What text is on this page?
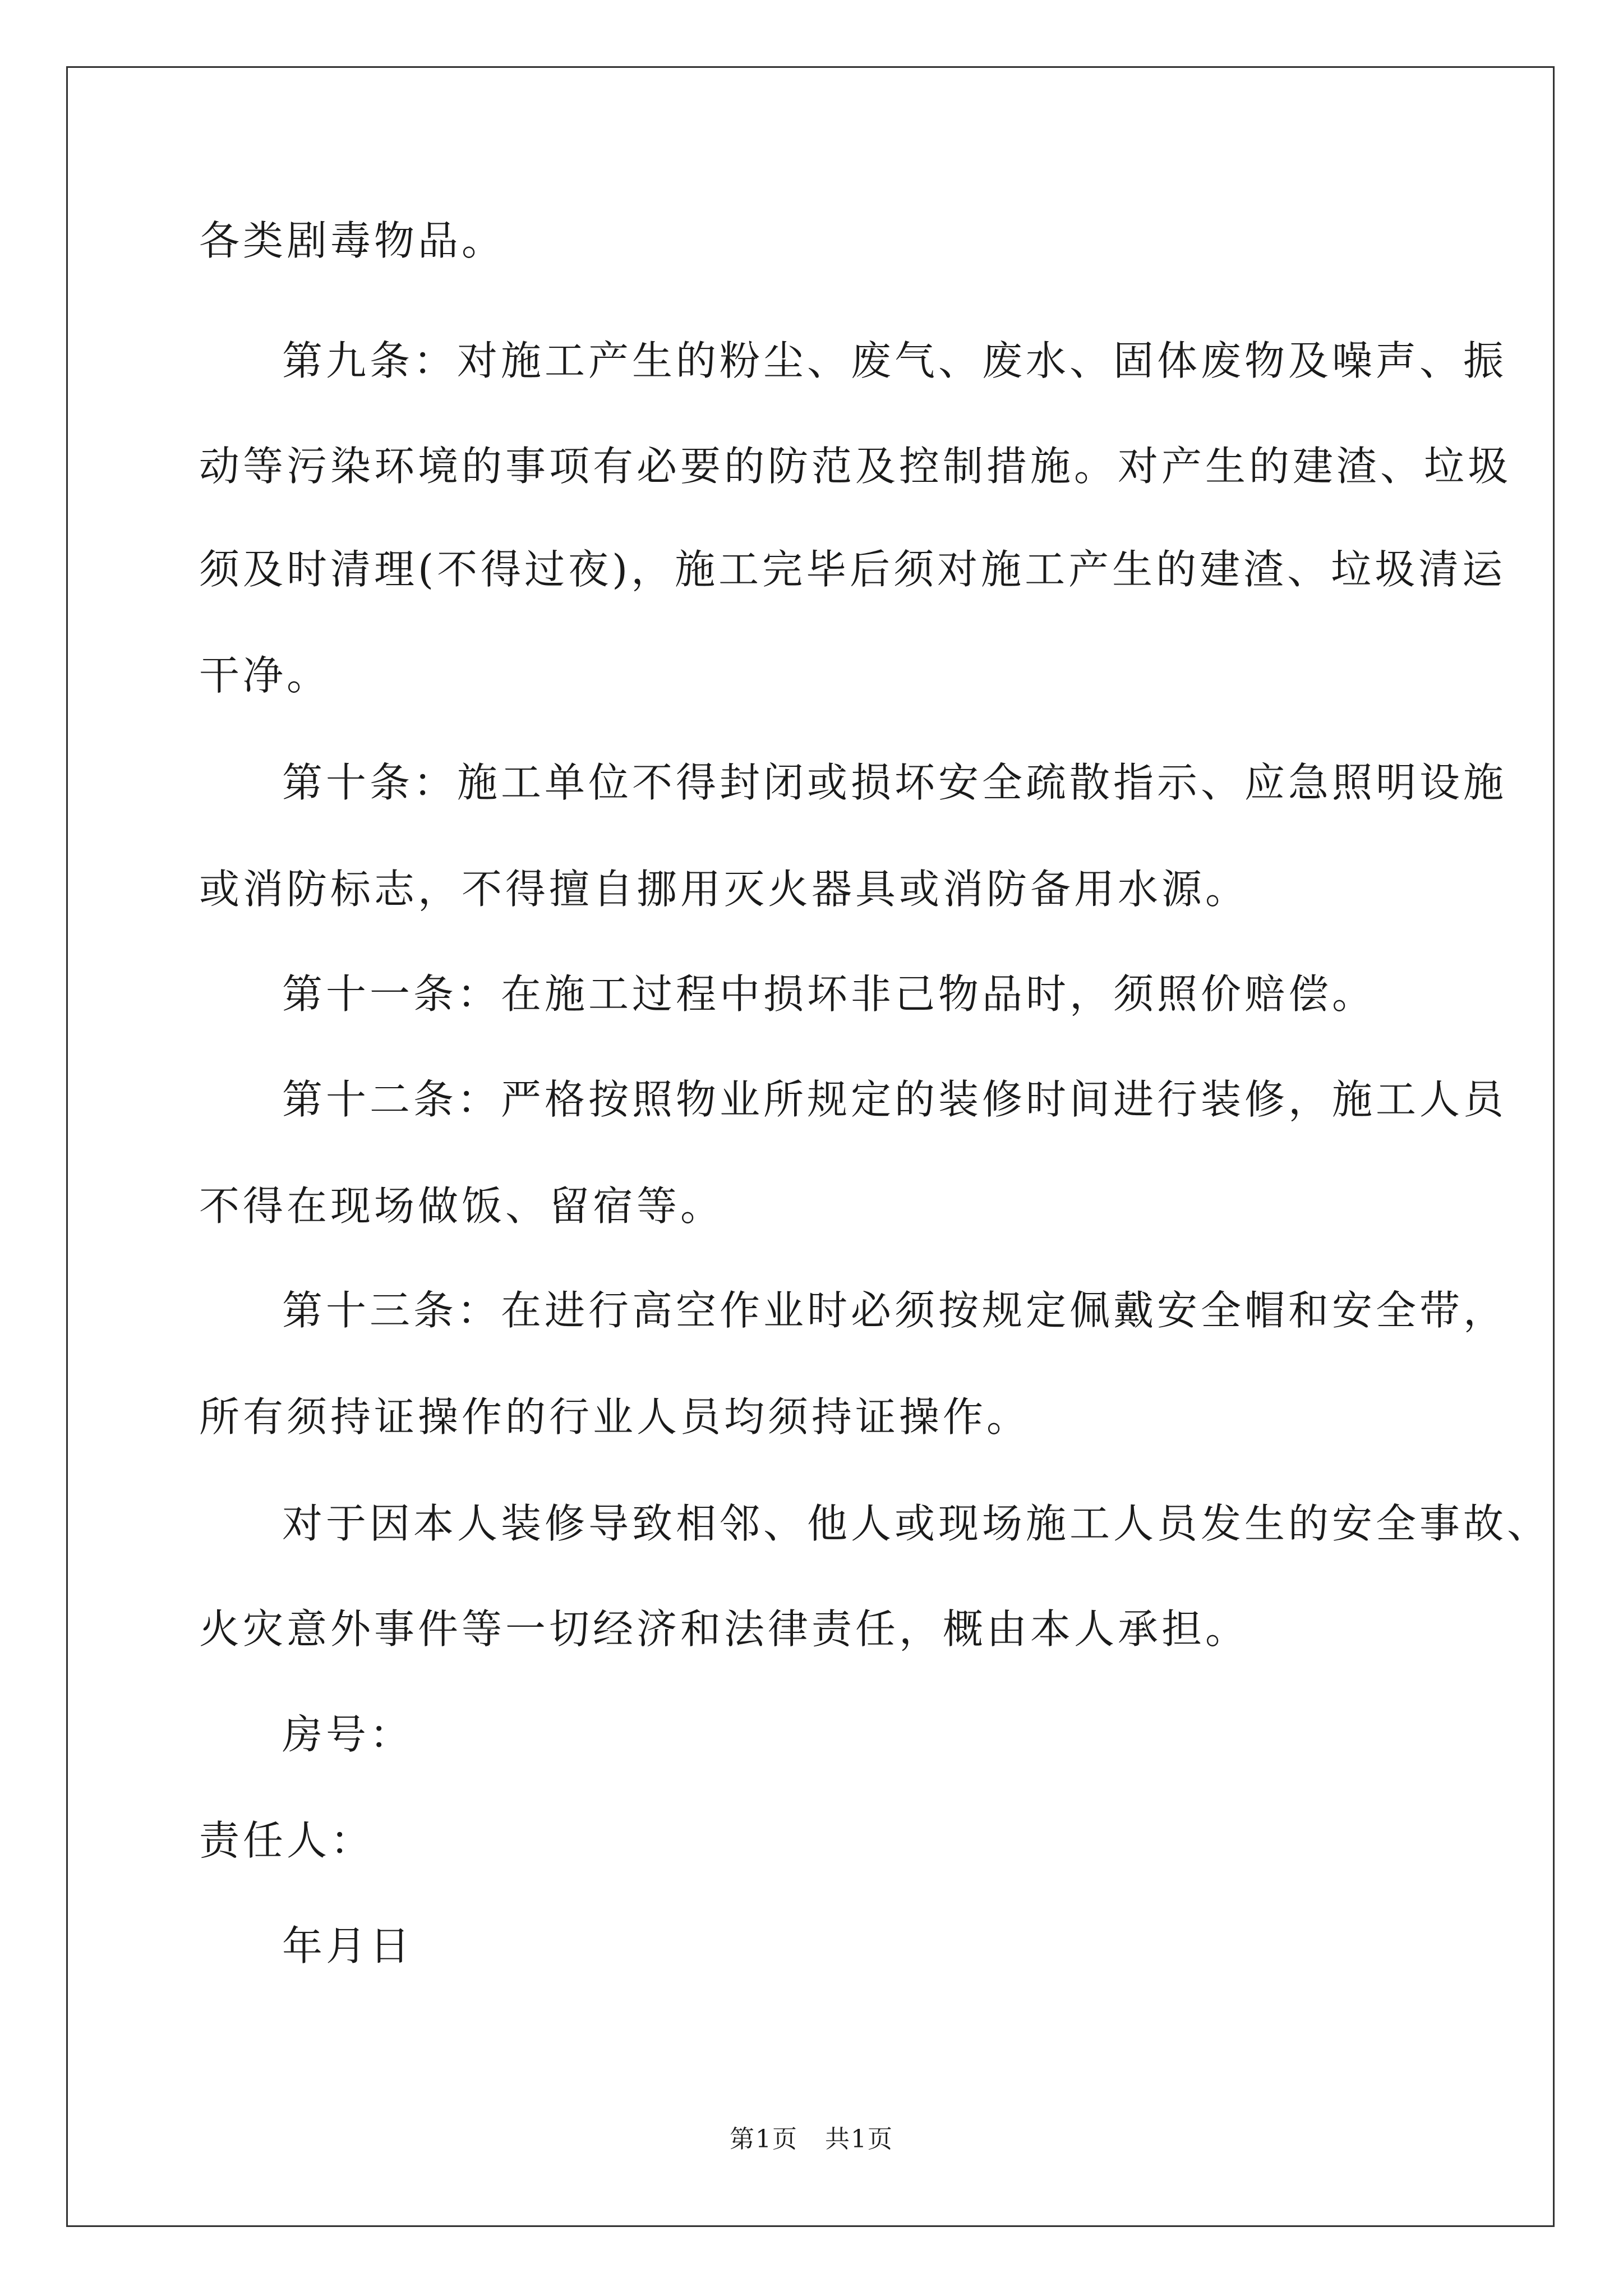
各类剧毒物品。
第九条：对施工产生的粉尘、废气、废水、固体废物及噪声、振
动等污染环境的事项有必要的防范及控制措施。对产生的建渣、垃圾
须及时清理(不得过夜)，施工完毕后须对施工产生的建渣、垃圾清运
干净。
第十条：施工单位不得封闭或损坏安全疏散指示、应急照明设施
或消防标志，不得擅自挪用灭火器具或消防备用水源。
第十一条：在施工过程中损坏非己物品时，须照价赔偿。
第十二条：严格按照物业所规定的装修时间进行装修，施工人员
不得在现场做饭、留宿等。
第十三条：在进行高空作业时必须按规定佩戴安全帽和安全带，
所有须持证操作的行业人员均须持证操作。
对于因本人装修导致相邻、他人或现场施工人员发生的安全事故、
火灾意外事件等一切经济和法律责任，概由本人承担。
房号：
责任人：
年月日
第1页 共1页
